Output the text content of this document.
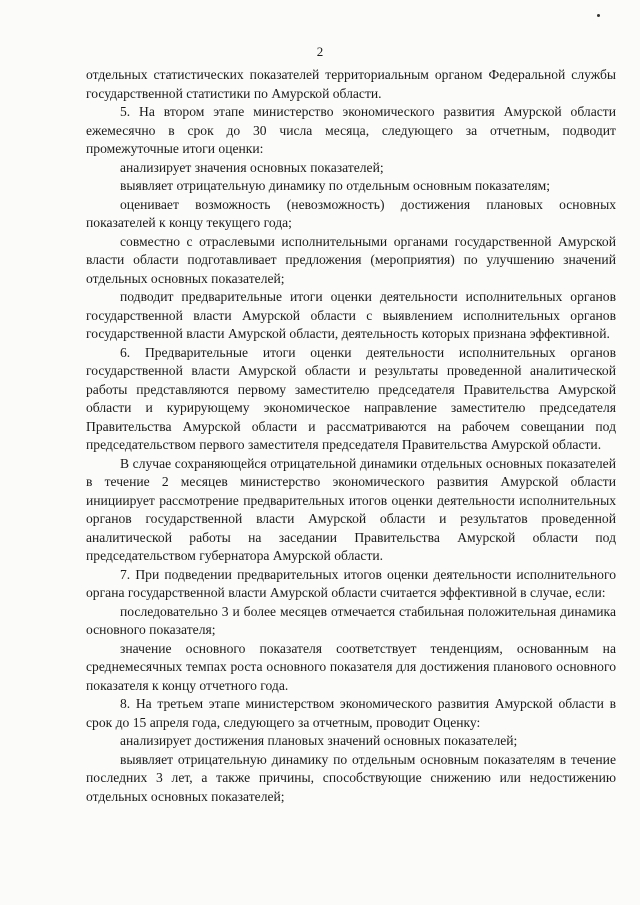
2

отдельных статистических показателей территориальным органом Федеральной службы государственной статистики по Амурской области.

5. На втором этапе министерство экономического развития Амурской области ежемесячно в срок до 30 числа месяца, следующего за отчетным, подводит промежуточные итоги оценки:

анализирует значения основных показателей;

выявляет отрицательную динамику по отдельным основным показателям;

оценивает возможность (невозможность) достижения плановых основных показателей к концу текущего года;

совместно с отраслевыми исполнительными органами государственной Амурской власти области подготавливает предложения (мероприятия) по улучшению значений отдельных основных показателей;

подводит предварительные итоги оценки деятельности исполнительных органов государственной власти Амурской области с выявлением исполнительных органов государственной власти Амурской области, деятельность которых признана эффективной.

6. Предварительные итоги оценки деятельности исполнительных органов государственной власти Амурской области и результаты проведенной аналитической работы представляются первому заместителю председателя Правительства Амурской области и курирующему экономическое направление заместителю председателя Правительства Амурской области и рассматриваются на рабочем совещании под председательством первого заместителя председателя Правительства Амурской области.

В случае сохраняющейся отрицательной динамики отдельных основных показателей в течение 2 месяцев министерство экономического развития Амурской области инициирует рассмотрение предварительных итогов оценки деятельности исполнительных органов государственной власти Амурской области и результатов проведенной аналитической работы на заседании Правительства Амурской области под председательством губернатора Амурской области.

7. При подведении предварительных итогов оценки деятельности исполнительного органа государственной власти Амурской области считается эффективной в случае, если:

последовательно 3 и более месяцев отмечается стабильная положительная динамика основного показателя;

значение основного показателя соответствует тенденциям, основанным на среднемесячных темпах роста основного показателя для достижения планового основного показателя к концу отчетного года.

8. На третьем этапе министерством экономического развития Амурской области в срок до 15 апреля года, следующего за отчетным, проводит Оценку:

анализирует достижения плановых значений основных показателей;

выявляет отрицательную динамику по отдельным основным показателям в течение последних 3 лет, а также причины, способствующие снижению или недостижению отдельных основных показателей;
